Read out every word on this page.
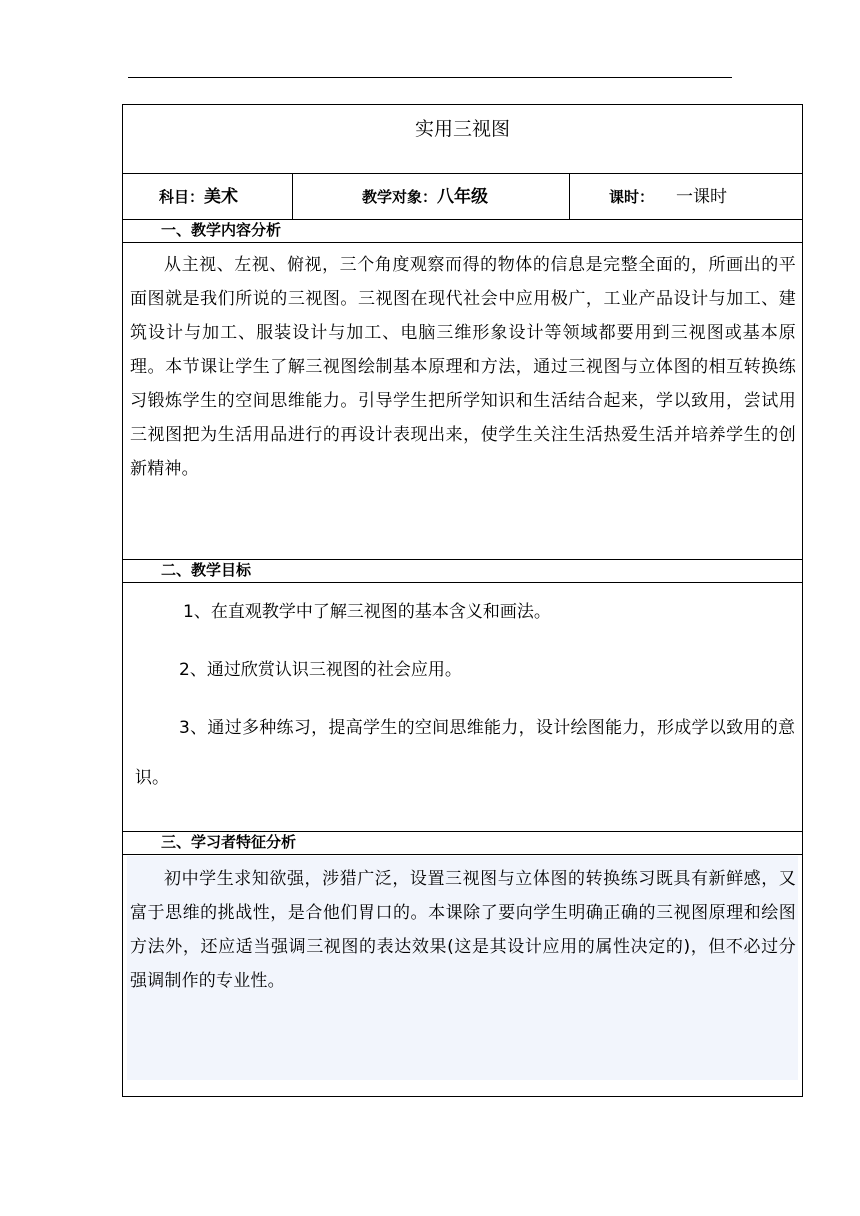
实用三视图
科目：美术	教学对象：八年级	课时： 一课时
一、教学内容分析
从主视、左视、俯视，三个角度观察而得的物体的信息是完整全面的，所画出的平面图就是我们所说的三视图。三视图在现代社会中应用极广，工业产品设计与加工、建筑设计与加工、服装设计与加工、电脑三维形象设计等领域都要用到三视图或基本原理。本节课让学生了解三视图绘制基本原理和方法，通过三视图与立体图的相互转换练习锻炼学生的空间思维能力。引导学生把所学知识和生活结合起来，学以致用，尝试用三视图把为生活用品进行的再设计表现出来，使学生关注生活热爱生活并培养学生的创新精神。
二、教学目标
1、在直观教学中了解三视图的基本含义和画法。
2、通过欣赏认识三视图的社会应用。
3、通过多种练习，提高学生的空间思维能力，设计绘图能力，形成学以致用的意识。
三、学习者特征分析
初中学生求知欲强，涉猎广泛，设置三视图与立体图的转换练习既具有新鲜感，又富于思维的挑战性，是合他们胃口的。本课除了要向学生明确正确的三视图原理和绘图方法外，还应适当强调三视图的表达效果(这是其设计应用的属性决定的)，但不必过分强调制作的专业性。
